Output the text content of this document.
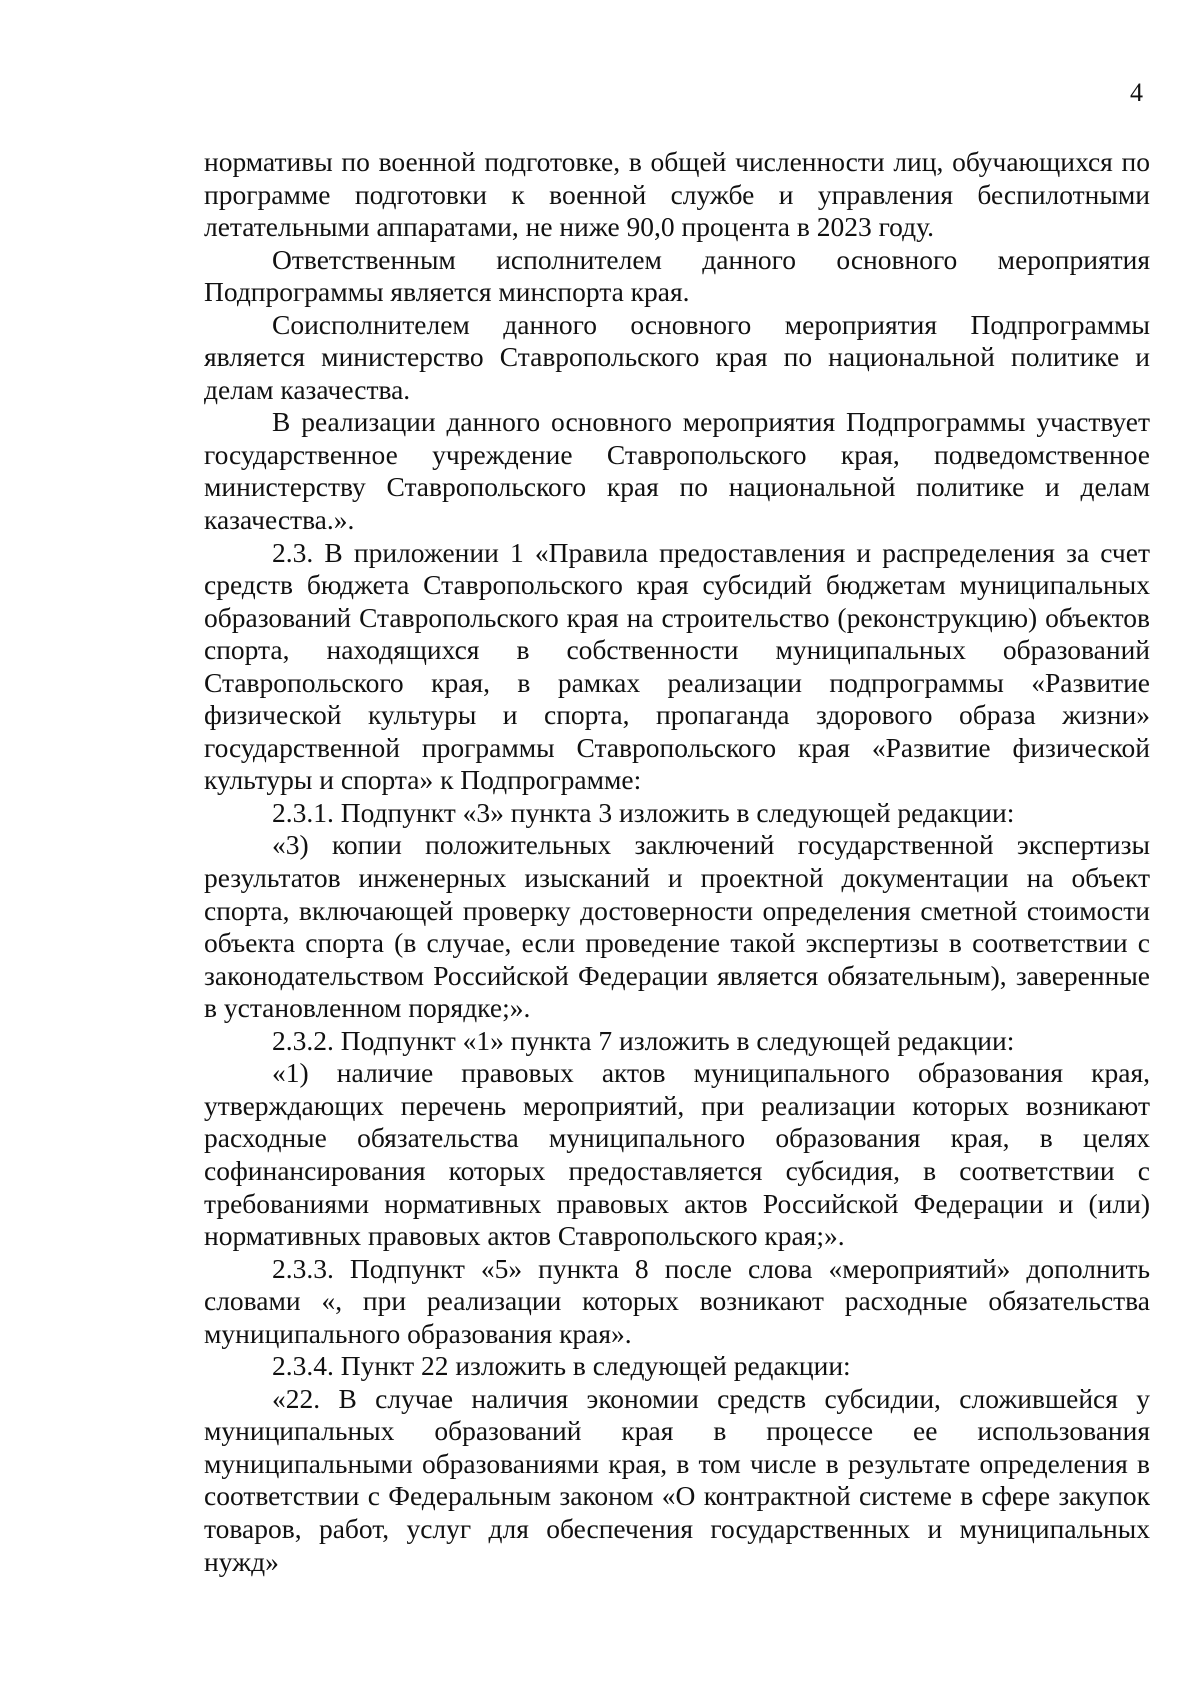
4

нормативы по военной подготовке, в общей численности лиц, обучающихся по программе подготовки к военной службе и управления беспилотными летательными аппаратами, не ниже 90,0 процента в 2023 году.

Ответственным исполнителем данного основного мероприятия Подпрограммы является минспорта края.

Соисполнителем данного основного мероприятия Подпрограммы является министерство Ставропольского края по национальной политике и делам казачества.

В реализации данного основного мероприятия Подпрограммы участвует государственное учреждение Ставропольского края, подведомственное министерству Ставропольского края по национальной политике и делам казачества.».

2.3. В приложении 1 «Правила предоставления и распределения за счет средств бюджета Ставропольского края субсидий бюджетам муниципальных образований Ставропольского края на строительство (реконструкцию) объектов спорта, находящихся в собственности муниципальных образований Ставропольского края, в рамках реализации подпрограммы «Развитие физической культуры и спорта, пропаганда здорового образа жизни» государственной программы Ставропольского края «Развитие физической культуры и спорта» к Подпрограмме:

2.3.1. Подпункт «3» пункта 3 изложить в следующей редакции:

«3) копии положительных заключений государственной экспертизы результатов инженерных изысканий и проектной документации на объект спорта, включающей проверку достоверности определения сметной стоимости объекта спорта (в случае, если проведение такой экспертизы в соответствии с законодательством Российской Федерации является обязательным), заверенные в установленном порядке;».

2.3.2. Подпункт «1» пункта 7 изложить в следующей редакции:

«1) наличие правовых актов муниципального образования края, утверждающих перечень мероприятий, при реализации которых возникают расходные обязательства муниципального образования края, в целях софинансирования которых предоставляется субсидия, в соответствии с требованиями нормативных правовых актов Российской Федерации и (или) нормативных правовых актов Ставропольского края;».

2.3.3. Подпункт «5» пункта 8 после слова «мероприятий» дополнить словами «, при реализации которых возникают расходные обязательства муниципального образования края».

2.3.4. Пункт 22 изложить в следующей редакции:

«22. В случае наличия экономии средств субсидии, сложившейся у муниципальных образований края в процессе ее использования муниципальными образованиями края, в том числе в результате определения в соответствии с Федеральным законом «О контрактной системе в сфере закупок товаров, работ, услуг для обеспечения государственных и муниципальных нужд»
